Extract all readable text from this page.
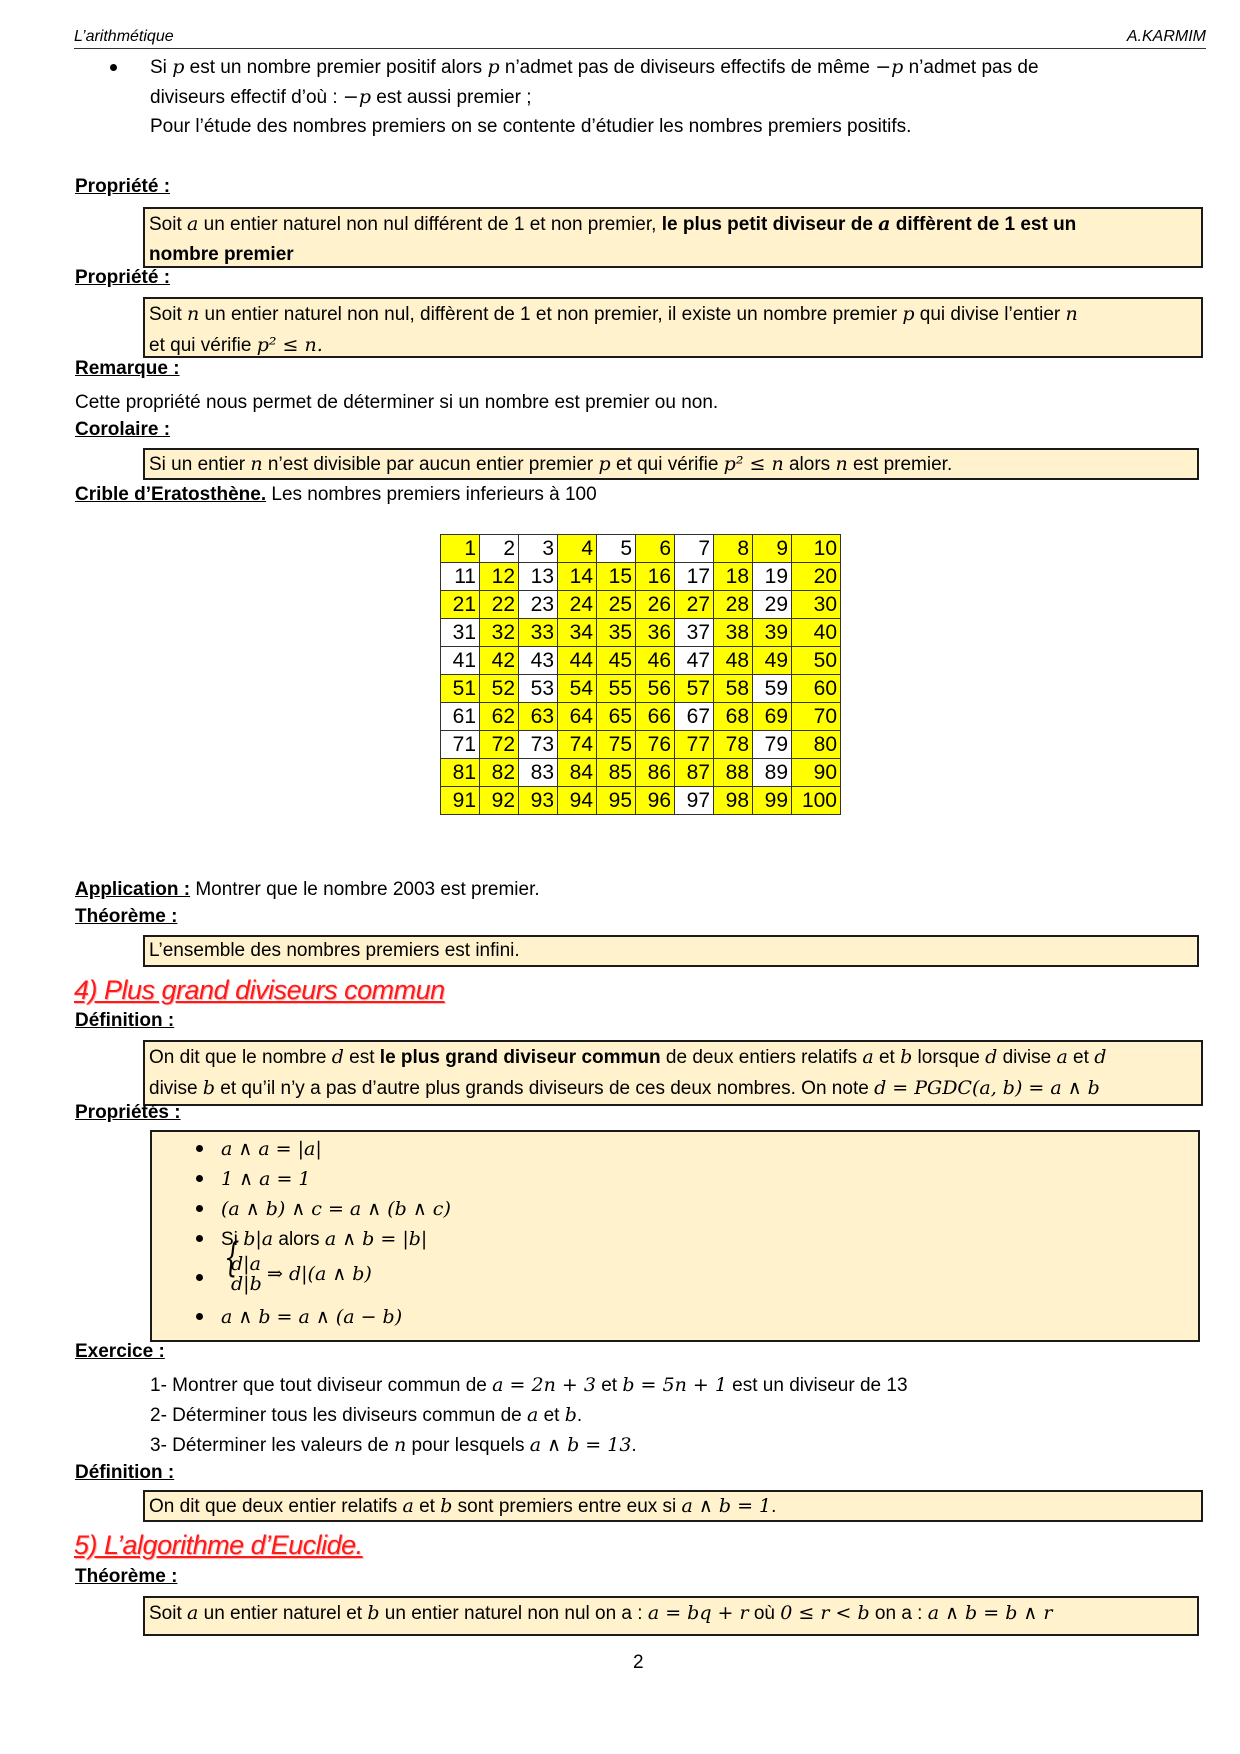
L’arithmétique	A.KARMIM
Si p est un nombre premier positif alors p n’admet pas de diviseurs effectifs de même −p n’admet pas de
diviseurs effectif d’où : −p est aussi premier ;
Pour l’étude des nombres premiers on se contente d’étudier les nombres premiers positifs.
Propriété :
Soit a un entier naturel non nul différent de 1 et non premier, le plus petit diviseur de a diffèrent de 1 est un
nombre premier
Propriété :
Soit n un entier naturel non nul, diffèrent de 1 et non premier, il existe un nombre premier p qui divise l’entier n
et qui vérifie p² ≤ n.
Remarque :
Cette propriété nous permet de déterminer si un nombre est premier ou non.
Corolaire :
Si un entier n n’est divisible par aucun entier premier p et qui vérifie p² ≤ n alors n est premier.
Crible d’Eratosthène. Les nombres premiers inferieurs à 100
1	2	3	4	5	6	7	8	9	10
11	12	13	14	15	16	17	18	19	20
21	22	23	24	25	26	27	28	29	30
31	32	33	34	35	36	37	38	39	40
41	42	43	44	45	46	47	48	49	50
51	52	53	54	55	56	57	58	59	60
61	62	63	64	65	66	67	68	69	70
71	72	73	74	75	76	77	78	79	80
81	82	83	84	85	86	87	88	89	90
91	92	93	94	95	96	97	98	99	100
Application : Montrer que le nombre 2003 est premier.
Théorème :
L’ensemble des nombres premiers est infini.
4) Plus grand diviseurs commun
Définition :
On dit que le nombre d est le plus grand diviseur commun de deux entiers relatifs a et b lorsque d divise a et d
divise b et qu’il n’y a pas d’autre plus grands diviseurs de ces deux nombres. On note d = PGDC(a, b) = a ∧ b
Propriétés :
a ∧ a = |a|
1 ∧ a = 1
(a ∧ b) ∧ c = a ∧ (b ∧ c)
Si b|a alors a ∧ b = |b|
{ d|a
d|b ⇒ d|(a ∧ b)
a ∧ b = a ∧ (a − b)
Exercice :
1- Montrer que tout diviseur commun de a = 2n + 3 et b = 5n + 1 est un diviseur de 13
2- Déterminer tous les diviseurs commun de a et b.
3- Déterminer les valeurs de n pour lesquels a ∧ b = 13.
Définition :
On dit que deux entier relatifs a et b sont premiers entre eux si a ∧ b = 1.
5) L’algorithme d’Euclide.
Théorème :
Soit a un entier naturel et b un entier naturel non nul on a : a = bq + r où 0 ≤ r < b on a : a ∧ b = b ∧ r
2
